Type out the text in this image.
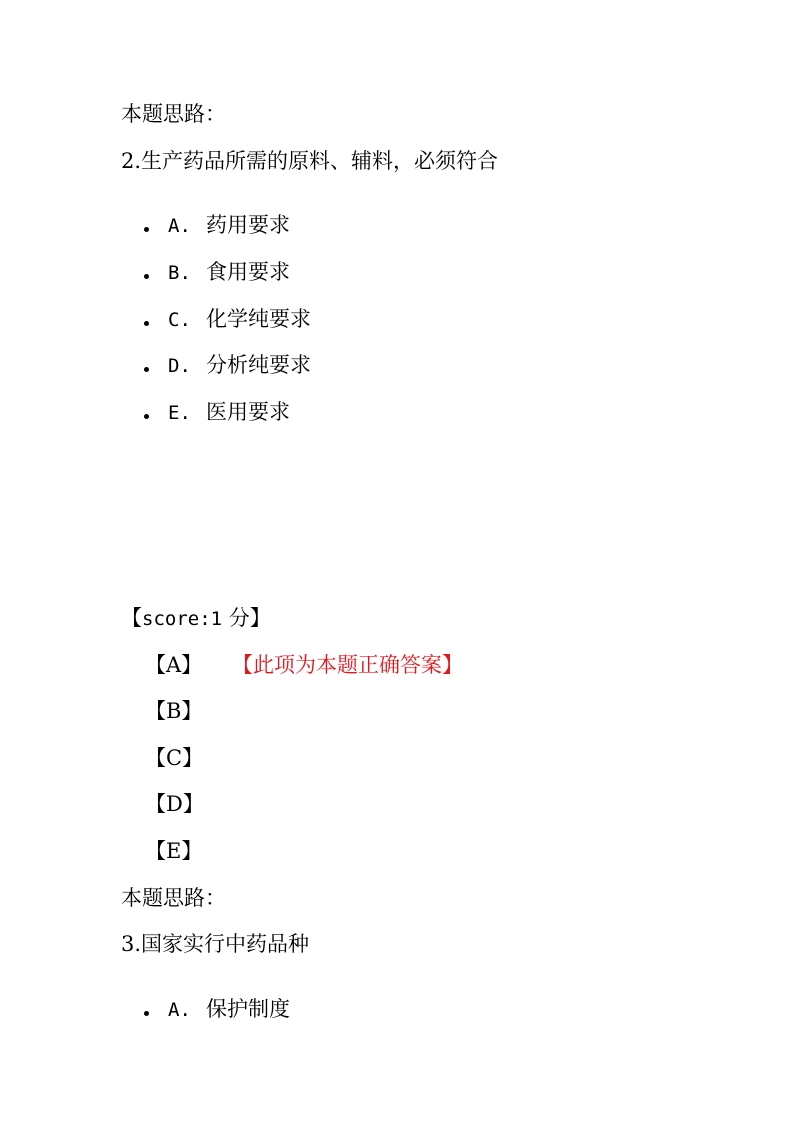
本题思路：
2.生产药品所需的原料、辅料，必须符合
A. 药用要求
B. 食用要求
C. 化学纯要求
D. 分析纯要求
E. 医用要求
【score:1 分】
【A】 【此项为本题正确答案】
【B】
【C】
【D】
【E】
本题思路：
3.国家实行中药品种
A. 保护制度
